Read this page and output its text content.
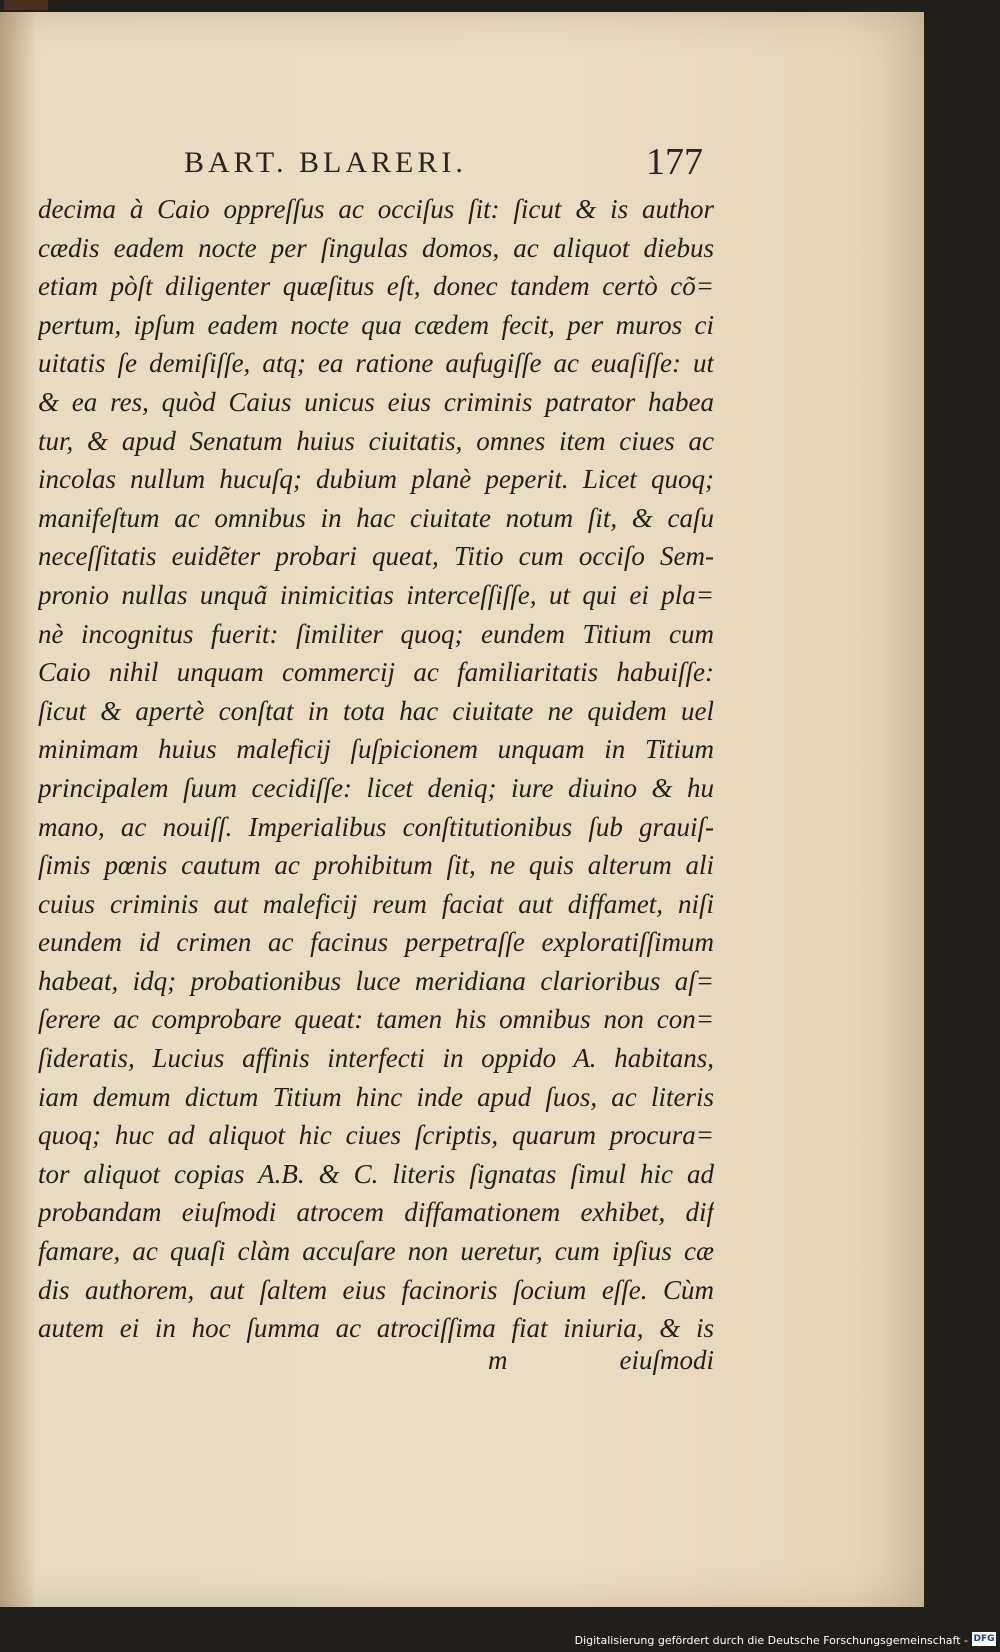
BART. BLARERI.	177
decima à Caio oppreſſus ac occiſus ſit: ſicut & is author
cædis eadem nocte per ſingulas domos, ac aliquot diebus
etiam pòſt diligenter quæſitus eſt, donec tandem certò cõ=
pertum, ipſum eadem nocte qua cædem fecit, per muros ci
uitatis ſe demiſiſſe, atq; ea ratione aufugiſſe ac euaſiſſe: ut
& ea res, quòd Caius unicus eius criminis patrator habea
tur, & apud Senatum huius ciuitatis, omnes item ciues ac
incolas nullum hucuſq; dubium planè peperit. Licet quoq;
manifeſtum ac omnibus in hac ciuitate notum ſit, & caſu
neceſſitatis euidẽter probari queat, Titio cum occiſo Sem-
pronio nullas unquã inimicitias interceſſiſſe, ut qui ei pla=
nè incognitus fuerit: ſimiliter quoq; eundem Titium cum
Caio nihil unquam commercij ac familiaritatis habuiſſe:
ſicut & apertè conſtat in tota hac ciuitate ne quidem uel
minimam huius maleficij ſuſpicionem unquam in Titium
principalem ſuum cecidiſſe: licet deniq; iure diuino & hu
mano, ac nouiſſ. Imperialibus conſtitutionibus ſub grauiſ-
ſimis pœnis cautum ac prohibitum ſit, ne quis alterum ali
cuius criminis aut maleficij reum faciat aut diffamet, niſi
eundem id crimen ac facinus perpetraſſe exploratiſſimum
habeat, idq; probationibus luce meridiana clarioribus aſ=
ſerere ac comprobare queat: tamen his omnibus non con=
ſideratis, Lucius affinis interfecti in oppido A. habitans,
iam demum dictum Titium hinc inde apud ſuos, ac literis
quoq; huc ad aliquot hic ciues ſcriptis, quarum procura=
tor aliquot copias A.B. & C. literis ſignatas ſimul hic ad
probandam eiuſmodi atrocem diffamationem exhibet, dif
famare, ac quaſi clàm accuſare non ueretur, cum ipſius cæ
dis authorem, aut ſaltem eius facinoris ſocium eſſe. Cùm
autem ei in hoc ſumma ac atrociſſima fiat iniuria, & is
m	eiuſmodi
Digitalisierung gefördert durch die Deutsche Forschungsgemeinschaft - DFG
